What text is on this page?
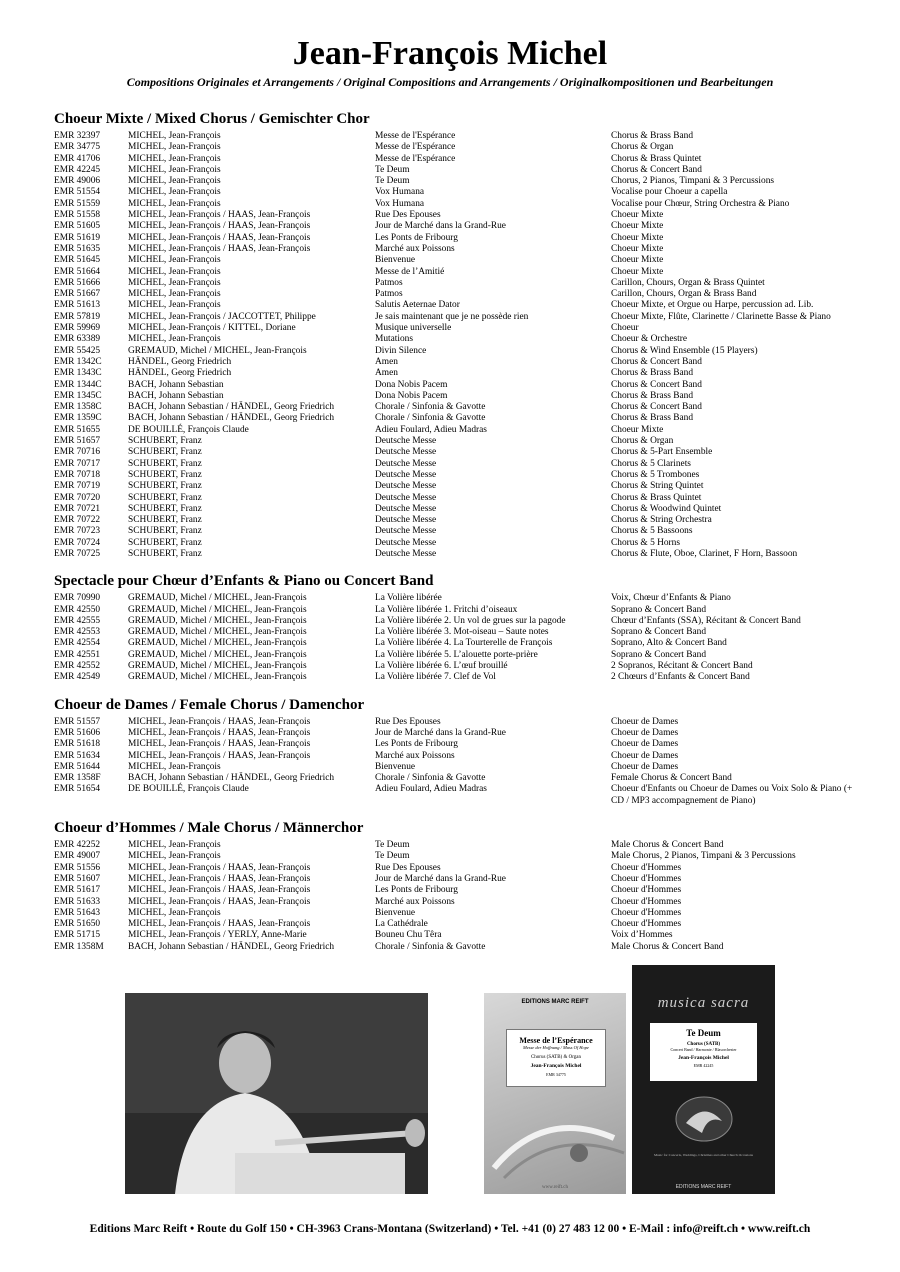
Jean-François Michel
Compositions Originales et Arrangements / Original Compositions and Arrangements / Originalkompositionen und Bearbeitungen
Choeur Mixte / Mixed Chorus / Gemischter Chor
EMR 32397	MICHEL, Jean-François	Messe de l'Espérance	Chorus & Brass Band
EMR 34775	MICHEL, Jean-François	Messe de l'Espérance	Chorus & Organ
EMR 41706	MICHEL, Jean-François	Messe de l'Espérance	Chorus & Brass Quintet
EMR 42245	MICHEL, Jean-François	Te Deum	Chorus & Concert Band
EMR 49006	MICHEL, Jean-François	Te Deum	Chorus, 2 Pianos, Timpani & 3 Percussions
EMR 51554	MICHEL, Jean-François	Vox Humana	Vocalise pour Choeur a capella
EMR 51559	MICHEL, Jean-François	Vox Humana	Vocalise pour Chœur, String Orchestra & Piano
EMR 51558	MICHEL, Jean-François / HAAS, Jean-François	Rue Des Epouses	Choeur Mixte
EMR 51605	MICHEL, Jean-François / HAAS, Jean-François	Jour de Marché dans la Grand-Rue	Choeur Mixte
EMR 51619	MICHEL, Jean-François / HAAS, Jean-François	Les Ponts de Fribourg	Choeur Mixte
EMR 51635	MICHEL, Jean-François / HAAS, Jean-François	Marché aux Poissons	Choeur Mixte
EMR 51645	MICHEL, Jean-François	Bienvenue	Choeur Mixte
EMR 51664	MICHEL, Jean-François	Messe de l’Amitié	Choeur Mixte
EMR 51666	MICHEL, Jean-François	Patmos	Carillon, Chours, Organ & Brass Quintet
EMR 51667	MICHEL, Jean-François	Patmos	Carillon, Chours, Organ & Brass Band
EMR 51613	MICHEL, Jean-François	Salutis Aeternae Dator	Choeur Mixte, et Orgue ou Harpe, percussion ad. Lib.
EMR 57819	MICHEL, Jean-François / JACCOTTET, Philippe	Je sais maintenant que je ne possède rien	Choeur Mixte, Flûte, Clarinette / Clarinette Basse & Piano
EMR 59969	MICHEL, Jean-François / KITTEL, Doriane	Musique universelle	Choeur
EMR 63389	MICHEL, Jean-François	Mutations	Choeur & Orchestre
EMR 55425	GREMAUD, Michel / MICHEL, Jean-François	Divin Silence	Chorus & Wind Ensemble (15 Players)
EMR 1342C	HÄNDEL, Georg Friedrich	Amen	Chorus & Concert Band
EMR 1343C	HÄNDEL, Georg Friedrich	Amen	Chorus & Brass Band
EMR 1344C	BACH, Johann Sebastian	Dona Nobis Pacem	Chorus & Concert Band
EMR 1345C	BACH, Johann Sebastian	Dona Nobis Pacem	Chorus & Brass Band
EMR 1358C	BACH, Johann Sebastian / HÄNDEL, Georg Friedrich	Chorale / Sinfonia & Gavotte	Chorus & Concert Band
EMR 1359C	BACH, Johann Sebastian / HÄNDEL, Georg Friedrich	Chorale / Sinfonia & Gavotte	Chorus & Brass Band
EMR 51655	DE BOUILLÉ, François Claude	Adieu Foulard, Adieu Madras	Choeur Mixte
EMR 51657	SCHUBERT, Franz	Deutsche Messe	Chorus & Organ
EMR 70716	SCHUBERT, Franz	Deutsche Messe	Chorus & 5-Part Ensemble
EMR 70717	SCHUBERT, Franz	Deutsche Messe	Chorus & 5 Clarinets
EMR 70718	SCHUBERT, Franz	Deutsche Messe	Chorus & 5 Trombones
EMR 70719	SCHUBERT, Franz	Deutsche Messe	Chorus & String Quintet
EMR 70720	SCHUBERT, Franz	Deutsche Messe	Chorus & Brass Quintet
EMR 70721	SCHUBERT, Franz	Deutsche Messe	Chorus & Woodwind Quintet
EMR 70722	SCHUBERT, Franz	Deutsche Messe	Chorus & String Orchestra
EMR 70723	SCHUBERT, Franz	Deutsche Messe	Chorus & 5 Bassoons
EMR 70724	SCHUBERT, Franz	Deutsche Messe	Chorus & 5 Horns
EMR 70725	SCHUBERT, Franz	Deutsche Messe	Chorus & Flute, Oboe, Clarinet, F Horn, Bassoon
Spectacle pour Chœur d’Enfants & Piano ou Concert Band
EMR 70990	GREMAUD, Michel / MICHEL, Jean-François	La Volière libérée	Voix, Chœur d’Enfants & Piano
EMR 42550	GREMAUD, Michel / MICHEL, Jean-François	La Volière libérée 1. Fritchi d’oiseaux	Soprano & Concert Band
EMR 42555	GREMAUD, Michel / MICHEL, Jean-François	La Volière libérée 2. Un vol de grues sur la pagode	Chœur d’Enfants (SSA), Récitant & Concert Band
EMR 42553	GREMAUD, Michel / MICHEL, Jean-François	La Volière libérée 3. Mot-oiseau – Saute notes	Soprano & Concert Band
EMR 42554	GREMAUD, Michel / MICHEL, Jean-François	La Volière libérée 4. La Tourterelle de François	Soprano, Alto & Concert Band
EMR 42551	GREMAUD, Michel / MICHEL, Jean-François	La Volière libérée 5. L’alouette porte-prière	Soprano & Concert Band
EMR 42552	GREMAUD, Michel / MICHEL, Jean-François	La Volière libérée 6. L’œuf brouillé	2 Sopranos, Récitant & Concert Band
EMR 42549	GREMAUD, Michel / MICHEL, Jean-François	La Volière libérée 7. Clef de Vol	2 Chœurs d’Enfants & Concert Band
Choeur de Dames / Female Chorus / Damenchor
EMR 51557	MICHEL, Jean-François / HAAS, Jean-François	Rue Des Epouses	Choeur de Dames
EMR 51606	MICHEL, Jean-François / HAAS, Jean-François	Jour de Marché dans la Grand-Rue	Choeur de Dames
EMR 51618	MICHEL, Jean-François / HAAS, Jean-François	Les Ponts de Fribourg	Choeur de Dames
EMR 51634	MICHEL, Jean-François / HAAS, Jean-François	Marché aux Poissons	Choeur de Dames
EMR 51644	MICHEL, Jean-François	Bienvenue	Choeur de Dames
EMR 1358F	BACH, Johann Sebastian / HÄNDEL, Georg Friedrich	Chorale / Sinfonia & Gavotte	Female Chorus & Concert Band
EMR 51654	DE BOUILLÉ, François Claude	Adieu Foulard, Adieu Madras	Choeur d'Enfants ou Choeur de Dames ou Voix Solo & Piano (+ CD / MP3 accompagnement de Piano)
Choeur d’Hommes / Male Chorus / Männerchor
EMR 42252	MICHEL, Jean-François	Te Deum	Male Chorus & Concert Band
EMR 49007	MICHEL, Jean-François	Te Deum	Male Chorus, 2 Pianos, Timpani & 3 Percussions
EMR 51556	MICHEL, Jean-François / HAAS, Jean-François	Rue Des Epouses	Choeur d'Hommes
EMR 51607	MICHEL, Jean-François / HAAS, Jean-François	Jour de Marché dans la Grand-Rue	Choeur d'Hommes
EMR 51617	MICHEL, Jean-François / HAAS, Jean-François	Les Ponts de Fribourg	Choeur d'Hommes
EMR 51633	MICHEL, Jean-François / HAAS, Jean-François	Marché aux Poissons	Choeur d'Hommes
EMR 51643	MICHEL, Jean-François	Bienvenue	Choeur d'Hommes
EMR 51650	MICHEL, Jean-François / HAAS, Jean-François	La Cathédrale	Choeur d'Hommes
EMR 51715	MICHEL, Jean-François / YERLY, Anne-Marie	Bouneu Chu Têra	Voix d’Hommes
EMR 1358M	BACH, Johann Sebastian / HÄNDEL, Georg Friedrich	Chorale / Sinfonia & Gavotte	Male Chorus & Concert Band
EDITIONS MARC REIFT
Messe de l’Espérance
Messe der Hoffnung / Mass Of Hope
Chorus (SATB) & Organ
Jean-François Michel
EMR 34775
www.reift.ch
musica sacra
Te Deum
Chorus (SATB)
Concert Band / Harmonie / Blasorchester
Jean-François Michel
EMR 42245
Music for Concerts, Weddings, Christmas and other Church Occasions
EDITIONS MARC REIFT
Editions Marc Reift • Route du Golf 150 • CH-3963 Crans-Montana (Switzerland) • Tel. +41 (0) 27 483 12 00 • E-Mail : info@reift.ch • www.reift.ch
